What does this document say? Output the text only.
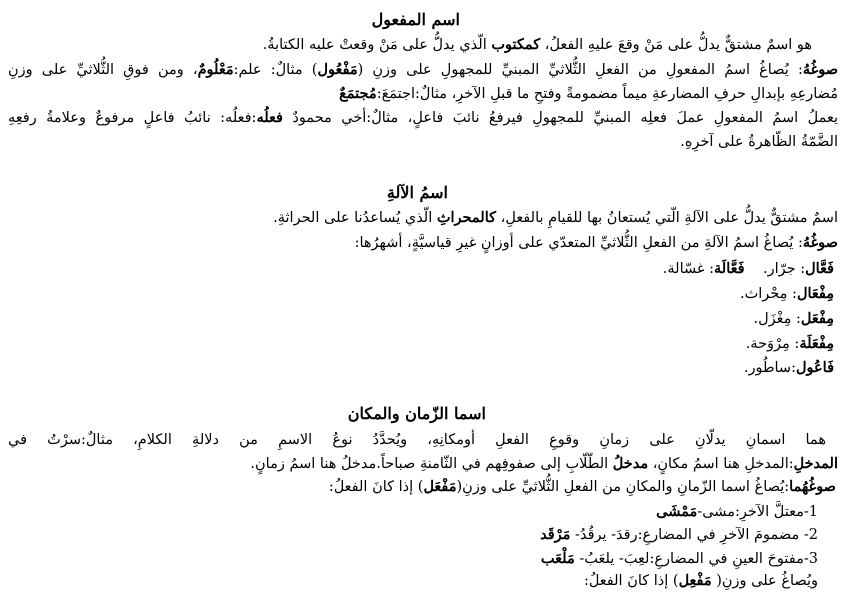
اسم المفعول
هو اسمٌ مشتقٌّ يدلُّ على مَنْ وقعَ عليهِ الفعلُ، كمكتوب الّذي يدلُّ على مَنْ وقعتْ عليه الكتابةُ.
صوغُهُ: يُصاغُ اسمُ المفعولِ من الفعلِ الثُّلاثيِّ المبنيِّ للمجهولِ على وزنِ (مَفْعُول) مثالٌ: علم:مَعْلُومٌ، ومن فوقِ الثُّلاثيِّ على وزنِ
مُضارعِهِ بإبدالِ حرفِ المضارعةِ ميماً مضمومةً وفتحِ ما قبلِ الآخرِ، مثالٌ:اجتمَعَ:مُجتمَعٌ
يعملُ اسمُ المفعولِ عملَ فعلِه المبنيِّ للمجهولِ فيرفعُ نائبَ فاعلٍ، مثالٌ:أخي محمودٌ فعلُه:فعلُه: نائبُ فاعلٍ مرفوعٌ وعلامةُ رفعِهِ
الضَّمّةُ الظّاهرةُ على آخرِهِ.
اسمُ الآلةِ
اسمٌ مشتقٌّ يدلُّ على الآلةِ الّتي يُستعانُ بها للقيامِ بالفعلِ، كالمحراثِ الّذي يُساعدُنا على الحراثةِ.
صوغُهُ: يُصاغُ اسمُ الآلةِ من الفعلِ الثُّلاثيِّ المتعدّي على أوزانٍ غيرِ قياسيَّةٍ، أشهرُها:
فَعَّال: جرّار.    فَعَّالَة: غسّالة.
مِفْعَال: مِحْراث.
مِفْعَل: مِغْزَل.
مِفْعَلَة: مِرْوَحة.
فَاعُول:ساطُور.
اسما الزّمان والمكان
هما اسمانِ يدلّانِ على زمانِ وقوعِ الفعلِ أومكانِهِ، ويُحدَّدُ نوعُ الاسمِ من دلالةِ الكلامِ، مثالٌ:سرْتُ في
المدخلِ:المدخلِ هنا اسمُ مكانٍ، مدخلُ الطّلّابِ إلى صفوفِهم في الثّامنةِ صباحاً.مدخلُ هنا اسمُ زمانٍ.
صوغُهُما:يُصاغُ اسما الزّمانِ والمكانِ من الفعلِ الثُّلاثيِّ على وزنِ(مَفْعَل) إذا كانَ الفعلُ:
1-معتلَّ الآخرِ:مشى-مَمْشَى
2- مضمومَ الآخرِ في المضارعِ:رقدَ- يرقُدُ- مَرْقَد
3-مفتوحَ العينِ في المضارعِ:لعِبَ- يلعَبُ- مَلْعَب
ويُصاغُ على وزنِ( مَفْعِل) إذا كانَ الفعلُ:
